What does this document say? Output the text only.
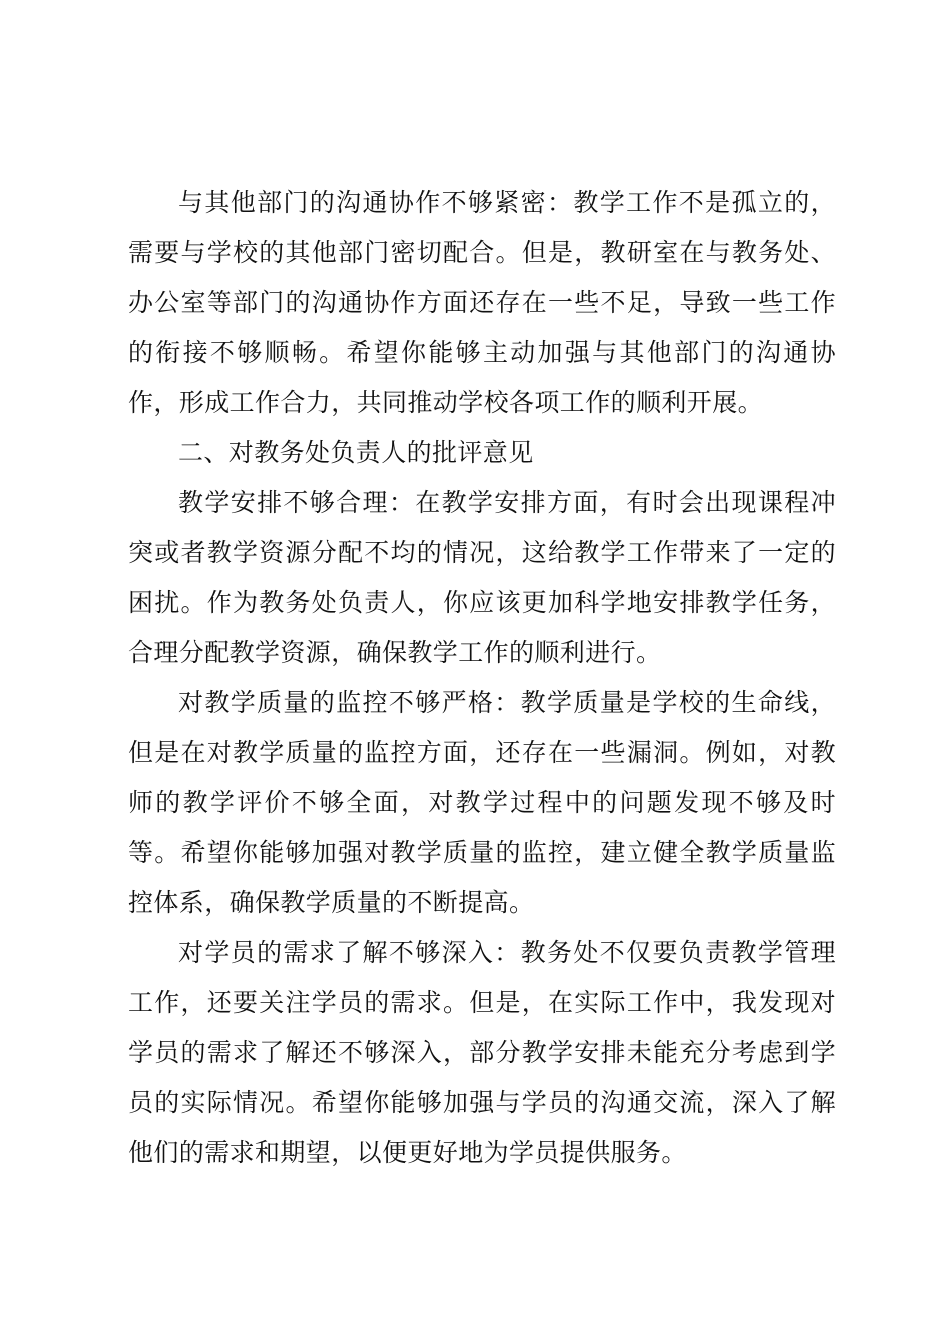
与其他部门的沟通协作不够紧密：教学工作不是孤立的，需要与学校的其他部门密切配合。但是，教研室在与教务处、办公室等部门的沟通协作方面还存在一些不足，导致一些工作的衔接不够顺畅。希望你能够主动加强与其他部门的沟通协作，形成工作合力，共同推动学校各项工作的顺利开展。

二、对教务处负责人的批评意见

教学安排不够合理：在教学安排方面，有时会出现课程冲突或者教学资源分配不均的情况，这给教学工作带来了一定的困扰。作为教务处负责人，你应该更加科学地安排教学任务，合理分配教学资源，确保教学工作的顺利进行。

对教学质量的监控不够严格：教学质量是学校的生命线，但是在对教学质量的监控方面，还存在一些漏洞。例如，对教师的教学评价不够全面，对教学过程中的问题发现不够及时等。希望你能够加强对教学质量的监控，建立健全教学质量监控体系，确保教学质量的不断提高。

对学员的需求了解不够深入：教务处不仅要负责教学管理工作，还要关注学员的需求。但是，在实际工作中，我发现对学员的需求了解还不够深入，部分教学安排未能充分考虑到学员的实际情况。希望你能够加强与学员的沟通交流，深入了解他们的需求和期望，以便更好地为学员提供服务。
